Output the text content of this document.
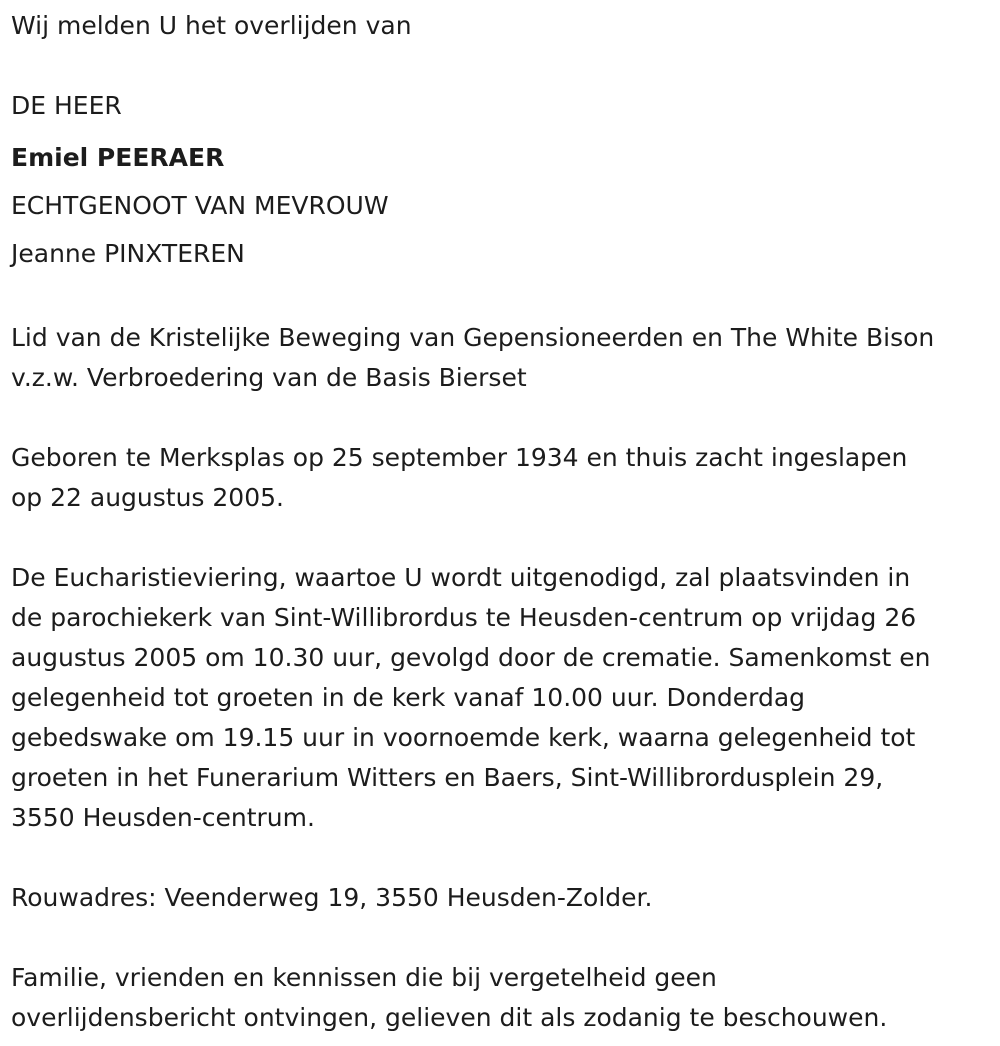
Wij melden U het overlijden van
DE HEER
Emiel PEERAER
ECHTGENOOT VAN MEVROUW
Jeanne PINXTEREN
Lid van de Kristelijke Beweging van Gepensioneerden en The White Bison
v.z.w. Verbroedering van de Basis Bierset
Geboren te Merksplas op 25 september 1934 en thuis zacht ingeslapen
op 22 augustus 2005.
De Eucharistieviering, waartoe U wordt uitgenodigd, zal plaatsvinden in
de parochiekerk van Sint-Willibrordus te Heusden-centrum op vrijdag 26
augustus 2005 om 10.30 uur, gevolgd door de crematie. Samenkomst en
gelegenheid tot groeten in de kerk vanaf 10.00 uur. Donderdag
gebedswake om 19.15 uur in voornoemde kerk, waarna gelegenheid tot
groeten in het Funerarium Witters en Baers, Sint-Willibrordusplein 29,
3550 Heusden-centrum.
Rouwadres: Veenderweg 19, 3550 Heusden-Zolder.
Familie, vrienden en kennissen die bij vergetelheid geen
overlijdensbericht ontvingen, gelieven dit als zodanig te beschouwen.
